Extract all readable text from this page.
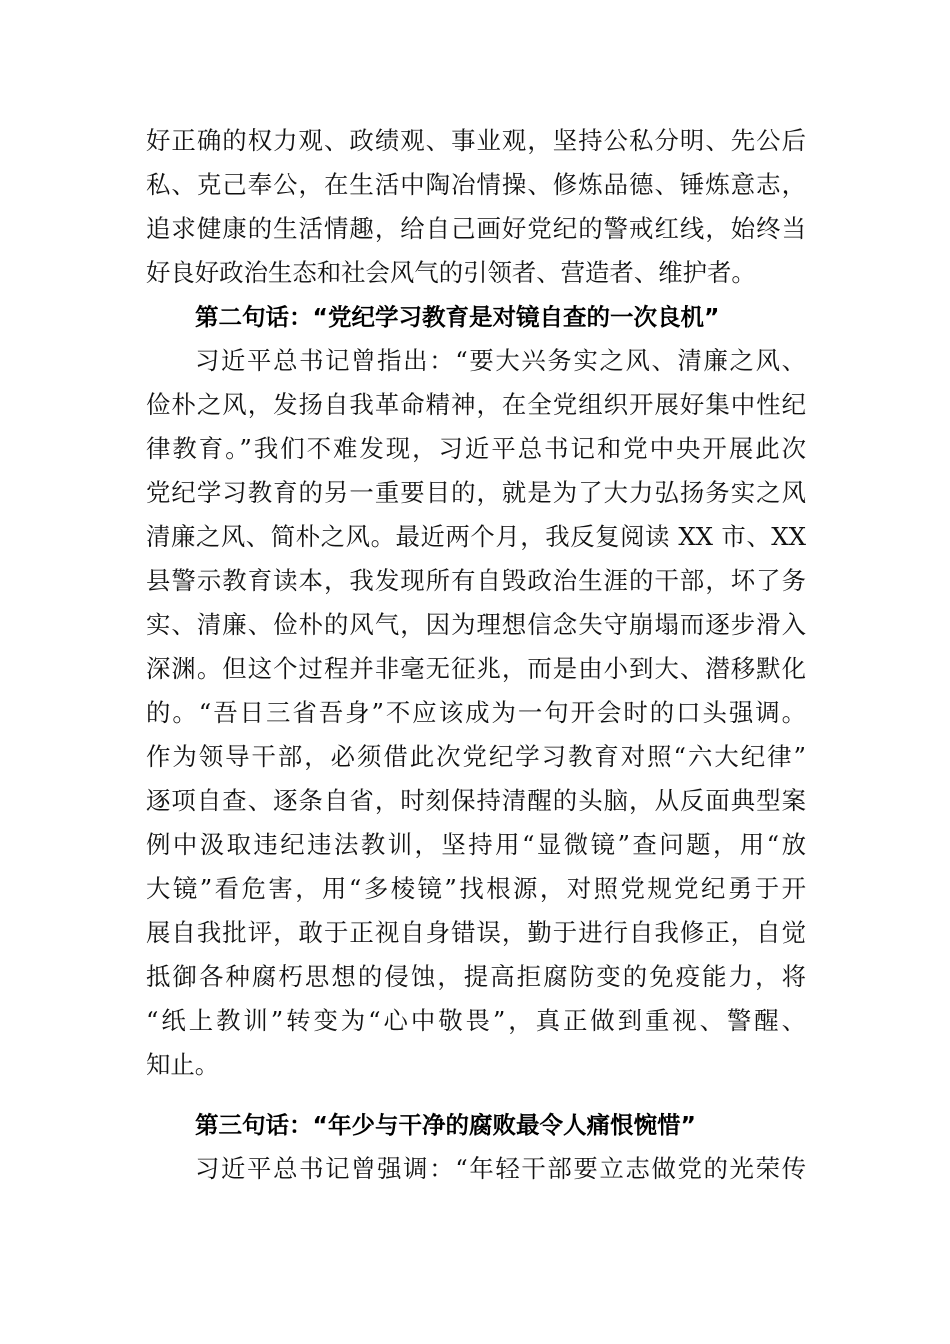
好正确的权力观、政绩观、事业观，坚持公私分明、先公后
私、克己奉公，在生活中陶冶情操、修炼品德、锤炼意志，
追求健康的生活情趣，给自己画好党纪的警戒红线，始终当
好良好政治生态和社会风气的引领者、营造者、维护者。
第二句话：“党纪学习教育是对镜自查的一次良机”
习近平总书记曾指出：“要大兴务实之风、清廉之风、
俭朴之风，发扬自我革命精神，在全党组织开展好集中性纪
律教育。”我们不难发现，习近平总书记和党中央开展此次
党纪学习教育的另一重要目的，就是为了大力弘扬务实之风
清廉之风、简朴之风。最近两个月，我反复阅读 XX 市、XX
县警示教育读本，我发现所有自毁政治生涯的干部，坏了务
实、清廉、俭朴的风气，因为理想信念失守崩塌而逐步滑入
深渊。但这个过程并非毫无征兆，而是由小到大、潜移默化
的。“吾日三省吾身”不应该成为一句开会时的口头强调。
作为领导干部，必须借此次党纪学习教育对照“六大纪律”
逐项自查、逐条自省，时刻保持清醒的头脑，从反面典型案
例中汲取违纪违法教训，坚持用“显微镜”查问题，用“放
大镜”看危害，用“多棱镜”找根源，对照党规党纪勇于开
展自我批评，敢于正视自身错误，勤于进行自我修正，自觉
抵御各种腐朽思想的侵蚀，提高拒腐防变的免疫能力，将
“纸上教训”转变为“心中敬畏”，真正做到重视、警醒、
知止。
第三句话：“年少与干净的腐败最令人痛恨惋惜”
习近平总书记曾强调：“年轻干部要立志做党的光荣传
